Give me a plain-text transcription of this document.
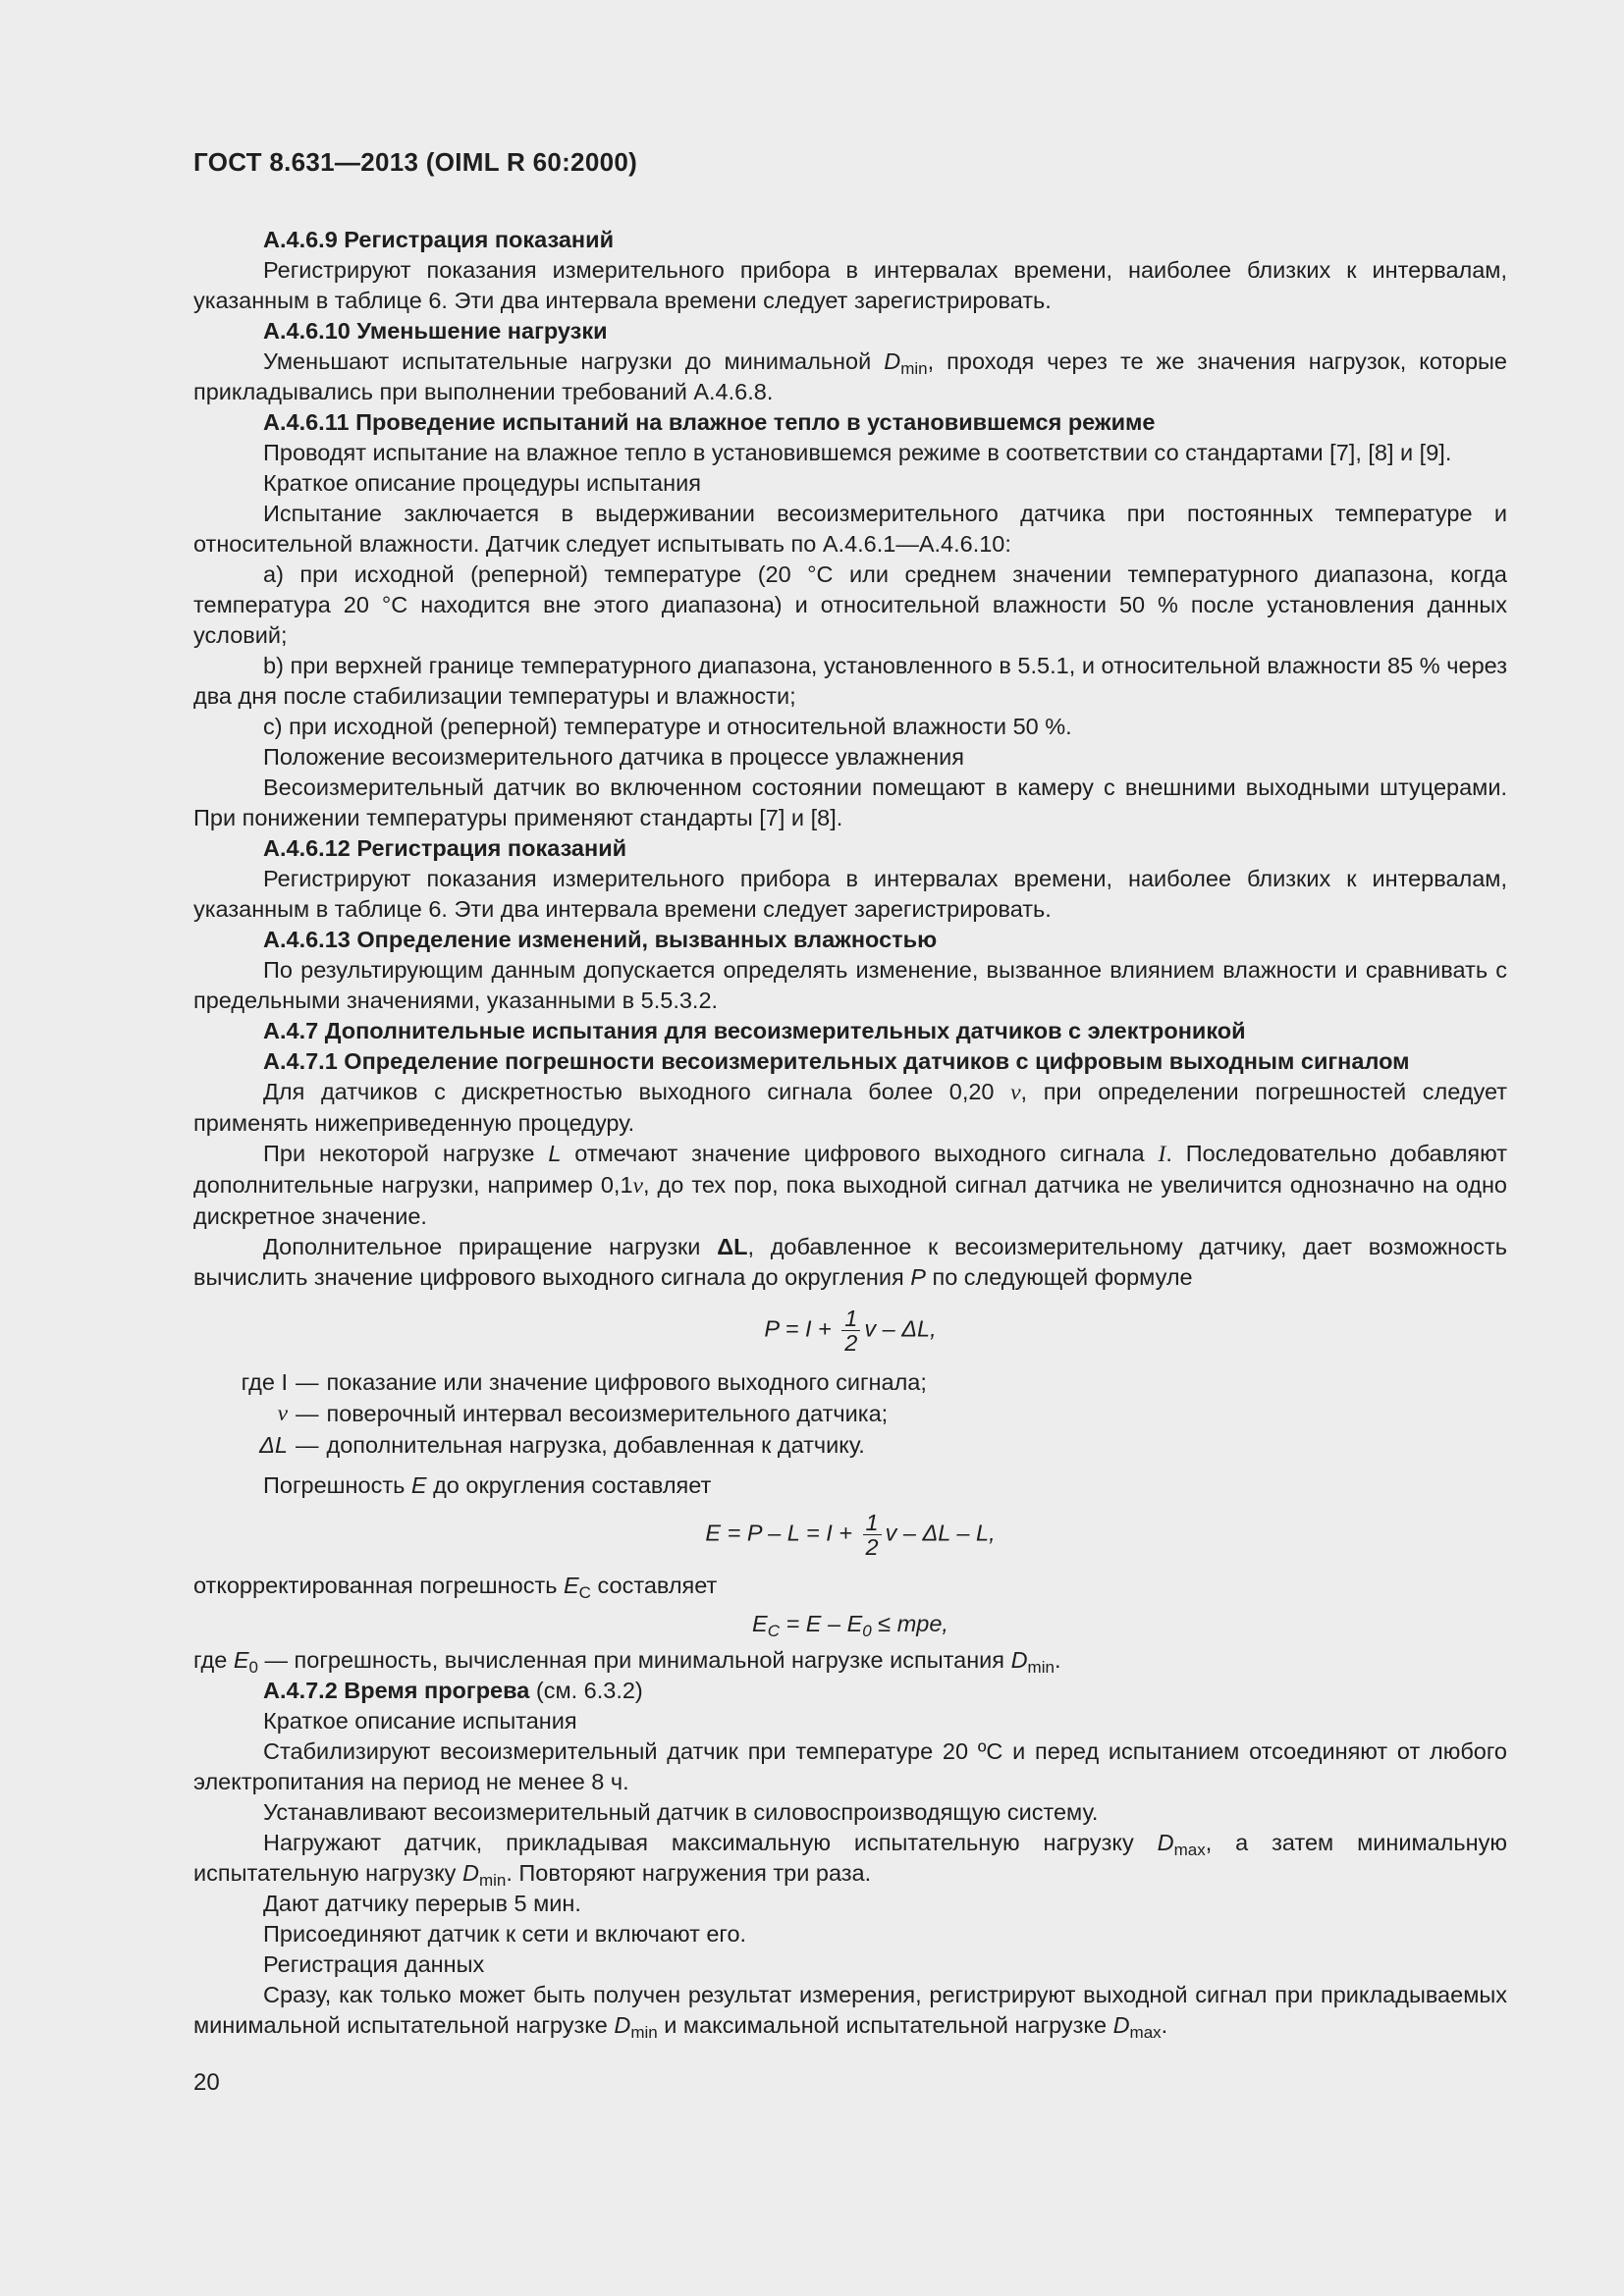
ГОСТ 8.631—2013 (OIML R 60:2000)

А.4.6.9 Регистрация показаний

Регистрируют показания измерительного прибора в интервалах времени, наиболее близких к интервалам, указанным в таблице 6. Эти два интервала времени следует зарегистрировать.

А.4.6.10 Уменьшение нагрузки

Уменьшают испытательные нагрузки до минимальной $D_{min}$, проходя через те же значения нагрузок, которые прикладывались при выполнении требований А.4.6.8.

А.4.6.11 Проведение испытаний на влажное тепло в установившемся режиме

Проводят испытание на влажное тепло в установившемся режиме в соответствии со стандартами [7], [8] и [9].

Краткое описание процедуры испытания

Испытание заключается в выдерживании весоизмерительного датчика при постоянных температуре и относительной влажности. Датчик следует испытывать по А.4.6.1—А.4.6.10:

a) при исходной (реперной) температуре (20 °С или среднем значении температурного диапазона, когда температура 20 °С находится вне этого диапазона) и относительной влажности 50 % после установления данных условий;

b) при верхней границе температурного диапазона, установленного в 5.5.1, и относительной влажности 85 % через два дня после стабилизации температуры и влажности;

c) при исходной (реперной) температуре и относительной влажности 50 %.

Положение весоизмерительного датчика в процессе увлажнения

Весоизмерительный датчик во включенном состоянии помещают в камеру с внешними выходными штуцерами. При понижении температуры применяют стандарты [7] и [8].

А.4.6.12 Регистрация показаний

Регистрируют показания измерительного прибора в интервалах времени, наиболее близких к интервалам, указанным в таблице 6. Эти два интервала времени следует зарегистрировать.

А.4.6.13 Определение изменений, вызванных влажностью

По результирующим данным допускается определять изменение, вызванное влиянием влажности и сравнивать с предельными значениями, указанными в 5.5.3.2.

А.4.7 Дополнительные испытания для весоизмерительных датчиков с электроникой

А.4.7.1 Определение погрешности весоизмерительных датчиков с цифровым выходным сигналом

Для датчиков с дискретностью выходного сигнала более 0,20 v, при определении погрешностей следует применять нижеприведенную процедуру.

При некоторой нагрузке L отмечают значение цифрового выходного сигнала I. Последовательно добавляют дополнительные нагрузки, например 0,1v, до тех пор, пока выходной сигнал датчика не увеличится однозначно на одно дискретное значение.

Дополнительное приращение нагрузки ΔL, добавленное к весоизмерительному датчику, дает возможность вычислить значение цифрового выходного сигнала до округления P по следующей формуле

$P = I + \frac{1}{2}$ v – ΔL,
где I — показание или значение цифрового выходного сигнала;
v — поверочный интервал весоизмерительного датчика;
ΔL — дополнительная нагрузка, добавленная к датчику.

Погрешность E до округления составляет

$E = P - L = I + \frac{1}{2}$ v – ΔL – L,

откорректированная погрешность $E_C$ составляет

$E_C = E - E_0$ ≤ mpe,

где $E_0$ — погрешность, вычисленная при минимальной нагрузке испытания $D_{min}$.

А.4.7.2 Время прогрева (см. 6.3.2)

Краткое описание испытания

Стабилизируют весоизмерительный датчик при температуре 20 ºС и перед испытанием отсоединяют от любого электропитания на период не менее 8 ч.

Устанавливают весоизмерительный датчик в силовоспроизводящую систему.

Нагружают датчик, прикладывая максимальную испытательную нагрузку $D_{max}$, а затем минимальную испытательную нагрузку $D_{min}$. Повторяют нагружения три раза.

Дают датчику перерыв 5 мин.

Присоединяют датчик к сети и включают его.

Регистрация данных

Сразу, как только может быть получен результат измерения, регистрируют выходной сигнал при прикладываемых минимальной испытательной нагрузке $D_{min}$ и максимальной испытательной нагрузке $D_{max}$.

20
